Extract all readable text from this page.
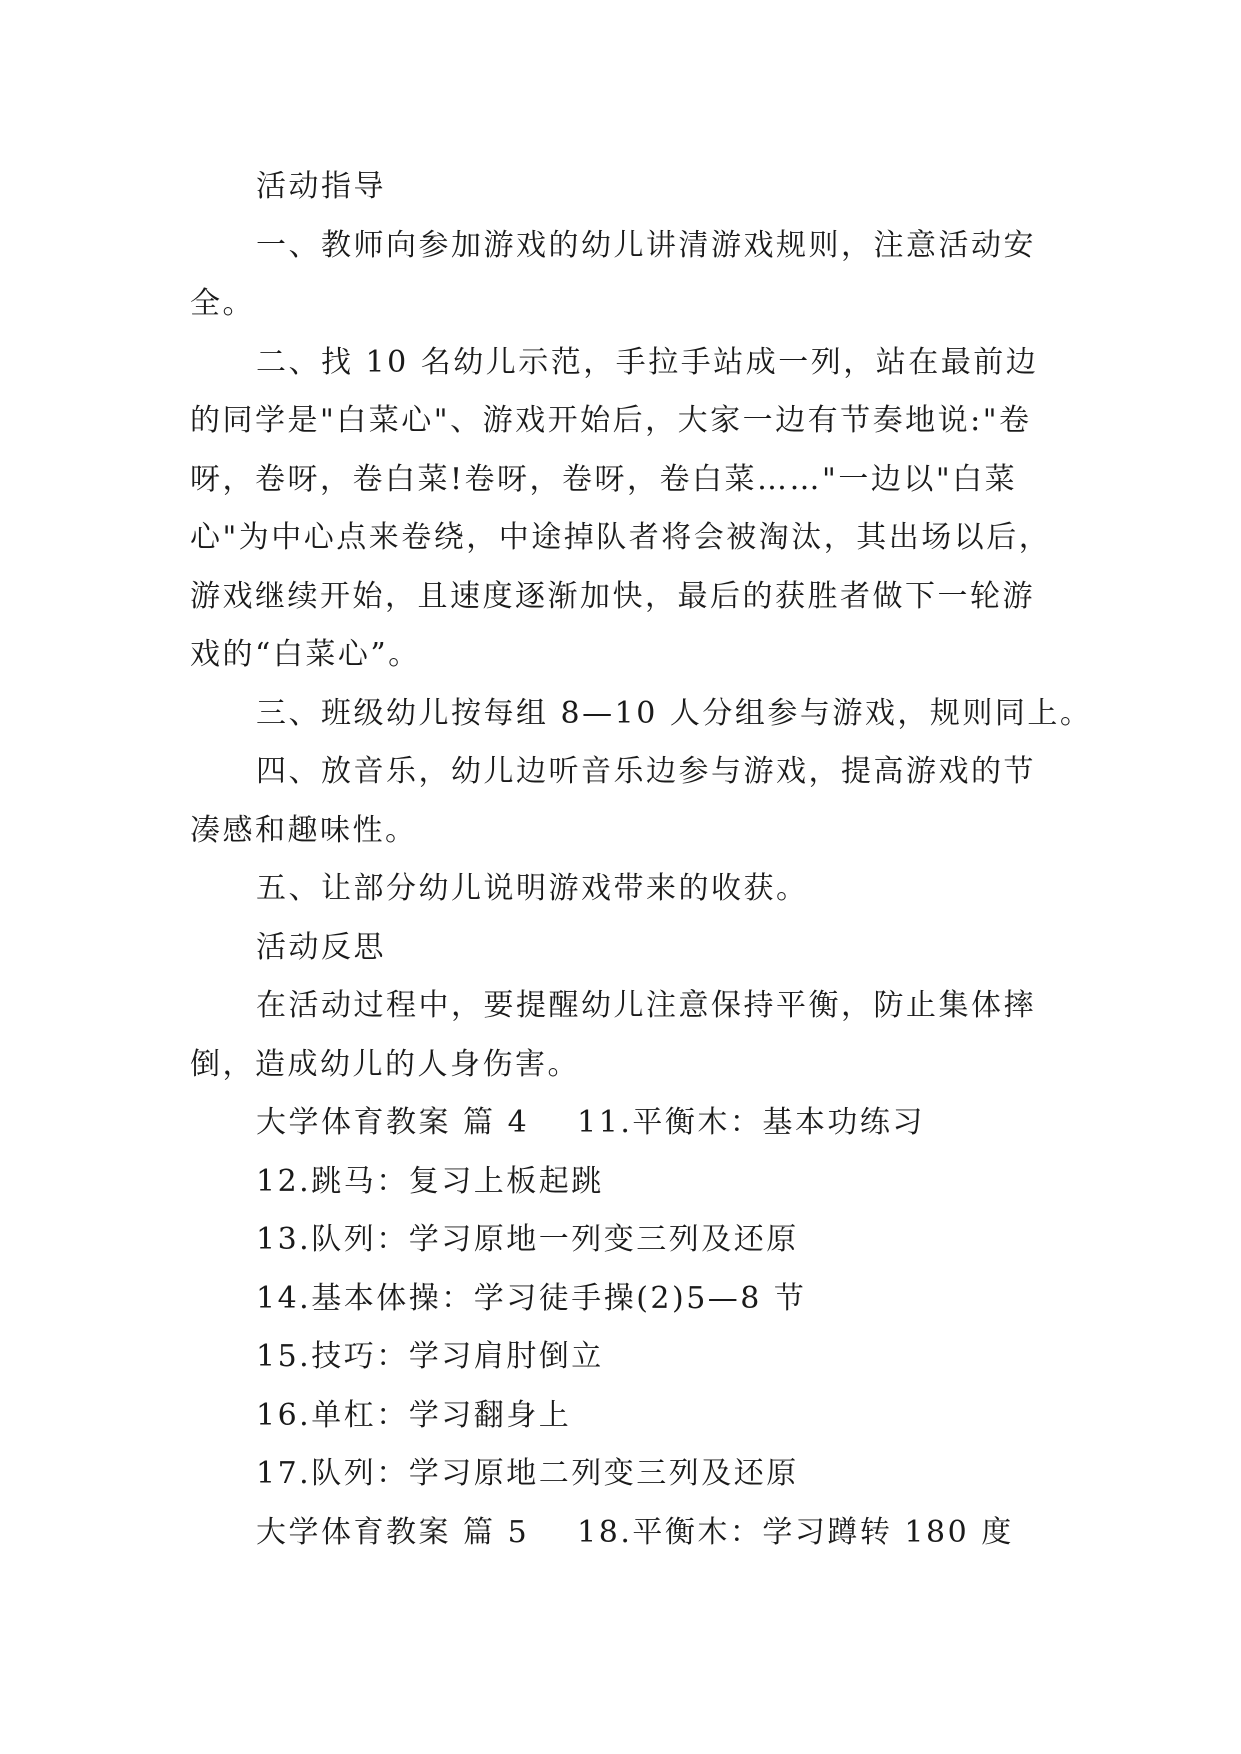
活动指导
一、教师向参加游戏的幼儿讲清游戏规则，注意活动安
全。
二、找 10 名幼儿示范，手拉手站成一列，站在最前边
的同学是"白菜心"、游戏开始后，大家一边有节奏地说:"卷
呀，卷呀，卷白菜!卷呀，卷呀，卷白菜……"一边以"白菜
心"为中心点来卷绕，中途掉队者将会被淘汰，其出场以后，
游戏继续开始，且速度逐渐加快，最后的获胜者做下一轮游
戏的“白菜心”。
三、班级幼儿按每组 8—10 人分组参与游戏，规则同上。
四、放音乐，幼儿边听音乐边参与游戏，提高游戏的节
凑感和趣味性。
五、让部分幼儿说明游戏带来的收获。
活动反思
在活动过程中，要提醒幼儿注意保持平衡，防止集体摔
倒，造成幼儿的人身伤害。
大学体育教案 篇 4 11.平衡木：基本功练习
12.跳马：复习上板起跳
13.队列：学习原地一列变三列及还原
14.基本体操：学习徒手操(2)5—8 节
15.技巧：学习肩肘倒立
16.单杠：学习翻身上
17.队列：学习原地二列变三列及还原
大学体育教案 篇 5 18.平衡木：学习蹲转 180 度
